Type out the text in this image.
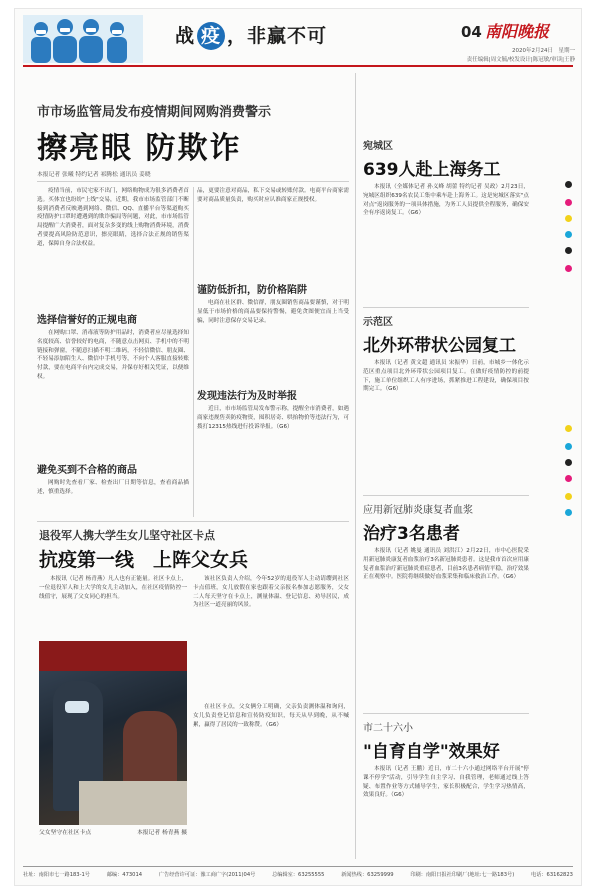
战 疫 ，非赢不可	04 南阳晚报
2020年2月24日　星期一
责任编辑|周文毓/校发设计|陈冠敏/审读|王静
市市场监管局发布疫情期间网购消费警示
擦亮眼 防欺诈
本报记者 张曦 特约记者 祁腾松 通讯员 姜晓

疫情当前，市民宅家不出门，网络购物成为很多消费者首选。买体宜也纷纷"上线"交易，近期，我市市场监管部门不断接到消费者反映遇到网络、微信、QQ、直播平台等渠道购买疫情防护口罩时遭遇到的欺诈骗局等问题，对此，市市场监管局提醒广大消费者，面对复杂多变的线上购物消费环境，消费者要提高风险防范意识，擦亮眼睛，选择合法正规的销售渠道，保障自身合法权益。

选择信誉好的正规电商

在网购口罩、消毒液等防护用品时，消费者应尽量选择知名度较高、信誉较好的电商，不随意点击网页、手机中的不明链接和弹窗，不随意扫描不明二维码，不轻信微信、朋友圈、不轻易添加陌生人、微信中手机号等，不向个人客服直接转账付款，要在电商平台内完成交易，并保存好相关凭证，以便维权。

避免买到不合格的商品

网购时先查看厂家、检查出厂日期等信息，查看商品描述，慎重选择。

品，更要注意对商品，私下交易或转账付款。电商平台商家需要对商品质量负责，购买时应认准商家正规授权。

谨防低折扣，防价格陷阱

电商在社区群、微信群，朋友圈销售商品要谨慎，对于明显低于市场价格的商品要保持警惕，避免贪图便宜而上当受骗，同时注意保存交易记录。

发现违法行为及时举报

近日，市市场监管局发布警示称，提醒全市消费者，如遇商家违规售卖防疫物资，囤积居奇、哄抬物价等违法行为，可拨打12315热线进行投诉举报。（G6）

退役军人携大学生女儿坚守社区卡点
抗疫第一线　上阵父女兵

本报讯（记者 杨青燕）凡人也有正能量。社区卡点上，一位退役军人和上大学的女儿主动加入，在社区疫情防控一线值守，展现了父女同心的担当。

父女坚守在社区卡点	本报记者 杨青燕 摄

该社区负责人介绍，今年52岁的退役军人主动请缨到社区卡点值班，女儿放假在家也跟着父亲报名参加志愿服务，父女二人每天坚守在卡点上，测量体温、登记信息、劝导居民，成为社区一道亮丽的风景。

在社区卡点，父女俩分工明确，父亲负责测体温和询问，女儿负责登记信息和宣传防疫知识，每天从早到晚，从不喊累，赢得了居民的一致称赞。（G6）

宛城区
639人赴上海务工

本报讯（全媒体记者 孙义峰 胡蕾 特约记者 吴政）2月23日，宛城区组织639名农民工集中乘车赴上海务工。这是宛城区落实"点对点"返岗服务的一项具体措施，为务工人员提供全程服务，确保安全有序返岗复工。（G6）

示范区
北外环带状公园复工

本报讯（记者 黄文超 通讯员 宋振华）日前，市城乡一体化示范区重点项目北外环带状公园项目复工。在做好疫情防控的前提下，施工单位组织工人有序进场，抓紧推进工程建设，确保项目按期完工。（G6）

应用新冠肺炎康复者血浆
治疗3名患者

本报讯（记者 姚曼 通讯员 刘洪江）2月22日，市中心医院采用新冠肺炎康复者血浆治疗3名新冠肺炎患者。这是我市首次应用康复者血浆治疗新冠肺炎重症患者，目前3名患者病情平稳，治疗效果正在观察中。医院将继续做好血浆采集和临床救治工作。（G6）

市二十六小
"自育自学"效果好

本报讯（记者 王鹏）近日，市二十六小通过网络平台开展"停课不停学"活动，引导学生自主学习、自我管理，老师通过线上答疑、布置作业等方式辅导学生，家长积极配合，学生学习热情高，效果良好。（G6）

社址：南阳市七一路183-1号	邮编：473014	广告经营许可证：豫工商广字(2011)04号	总编辑室：63255555	新闻热线：63259999	印刷：南阳日报社印刷厂(地址:七一路183号)	电话：63162823
